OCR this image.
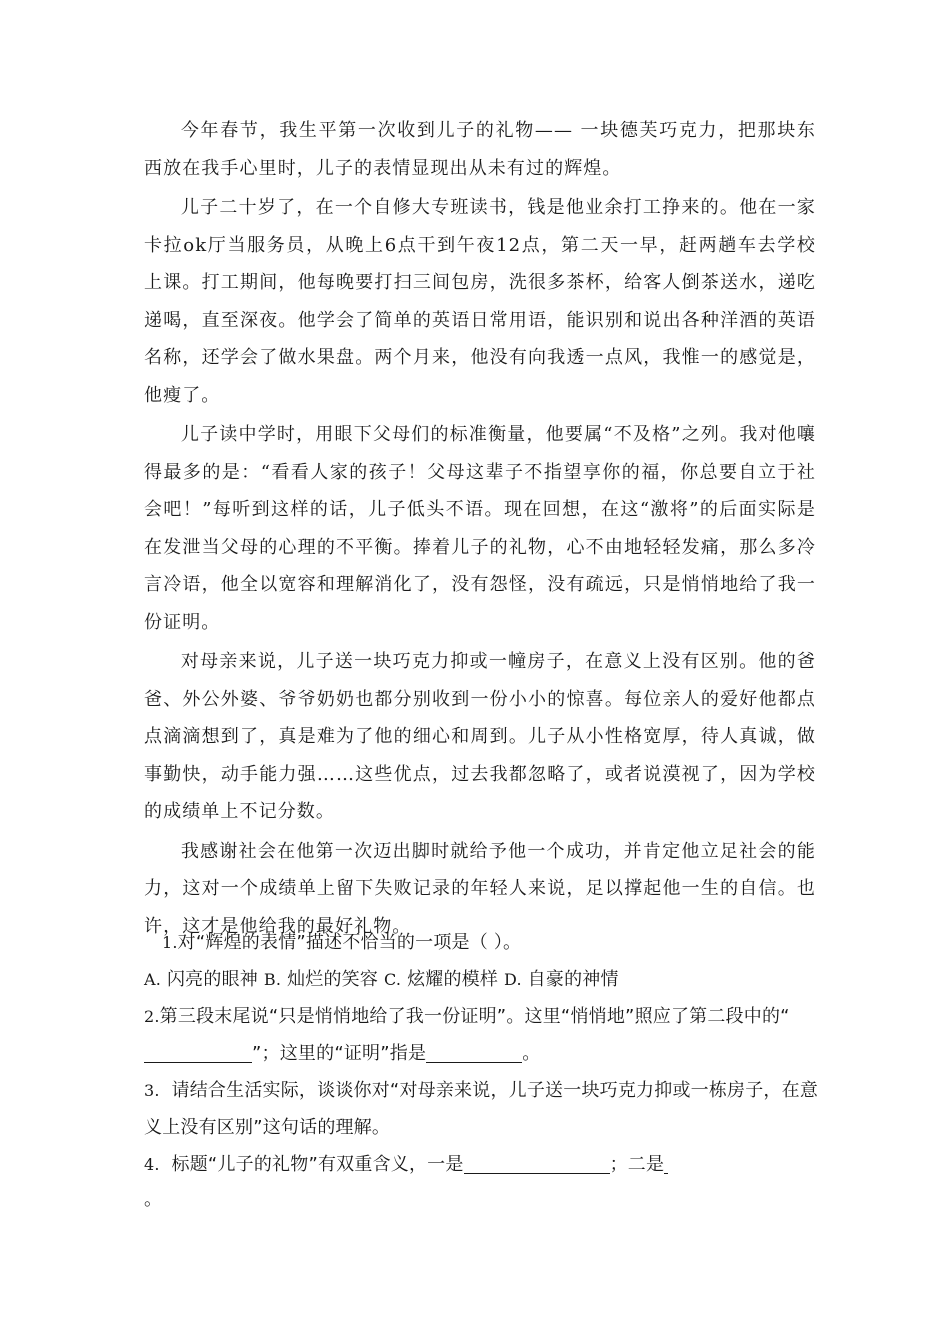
今年春节，我生平第一次收到儿子的礼物—— 一块德芙巧克力，把那块东西放在我手心里时，儿子的表情显现出从未有过的辉煌。

儿子二十岁了，在一个自修大专班读书，钱是他业余打工挣来的。他在一家卡拉ok厅当服务员，从晚上6点干到午夜12点，第二天一早，赶两趟车去学校上课。打工期间，他每晚要打扫三间包房，洗很多茶杯，给客人倒茶送水，递吃递喝，直至深夜。他学会了简单的英语日常用语，能识别和说出各种洋酒的英语名称，还学会了做水果盘。两个月来，他没有向我透一点风，我惟一的感觉是，他瘦了。

儿子读中学时，用眼下父母们的标准衡量，他要属“不及格”之列。我对他嚷得最多的是：“看看人家的孩子！父母这辈子不指望享你的福，你总要自立于社会吧！”每听到这样的话，儿子低头不语。现在回想，在这“激将”的后面实际是在发泄当父母的心理的不平衡。捧着儿子的礼物，心不由地轻轻发痛，那么多冷言冷语，他全以宽容和理解消化了，没有怨怪，没有疏远，只是悄悄地给了我一份证明。

对母亲来说，儿子送一块巧克力抑或一幢房子，在意义上没有区别。他的爸爸、外公外婆、爷爷奶奶也都分别收到一份小小的惊喜。每位亲人的爱好他都点点滴滴想到了，真是难为了他的细心和周到。儿子从小性格宽厚，待人真诚，做事勤快，动手能力强……这些优点，过去我都忽略了，或者说漠视了，因为学校的成绩单上不记分数。

我感谢社会在他第一次迈出脚时就给予他一个成功，并肯定他立足社会的能力，这对一个成绩单上留下失败记录的年轻人来说，足以撑起他一生的自信。也许，这才是他给我的最好礼物。

1.对“辉煌的表情”描述不恰当的一项是（ ）。

A. 闪亮的眼神 B. 灿烂的笑容 C. 炫耀的模样 D. 自豪的神情

2.第三段末尾说“只是悄悄地给了我一份证明”。这里“悄悄地”照应了第二段中的“”；这里的“证明”指是	。

3. 请结合生活实际，谈谈你对“对母亲来说，儿子送一块巧克力抑或一栋房子，在意义上没有区别”这句话的理解。

4. 标题“儿子的礼物”有双重含义，一是	；二是
。
